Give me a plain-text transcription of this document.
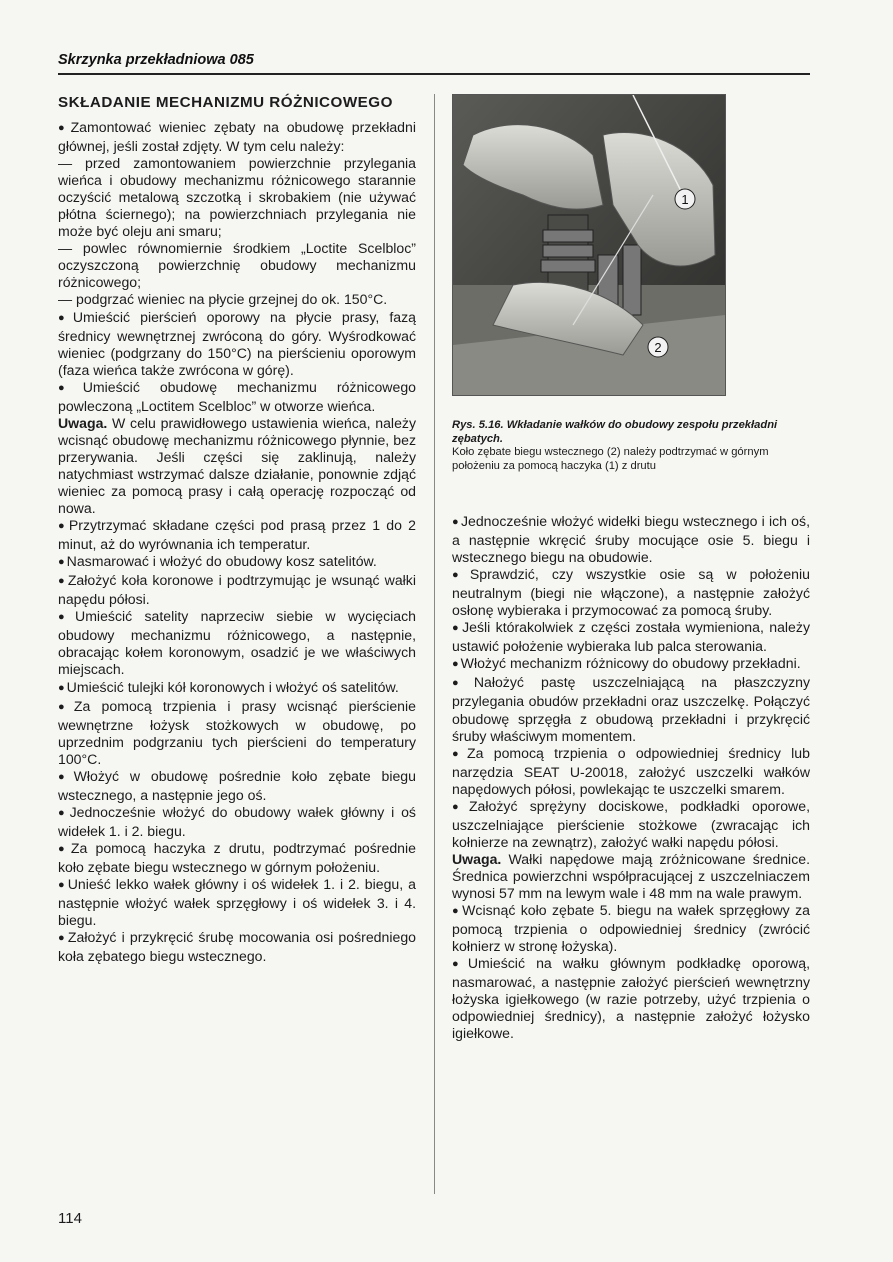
Skrzynka przekładniowa 085

SKŁADANIE MECHANIZMU RÓŻNICOWEGO

● Zamontować wieniec zębaty na obudowę przekładni głównej, jeśli został zdjęty. W tym celu należy:

— przed zamontowaniem powierzchnie przylegania wieńca i obudowy mechanizmu różnicowego starannie oczyścić metalową szczotką i skrobakiem (nie używać płótna ściernego); na powierzchniach przylegania nie może być oleju ani smaru;

— powlec równomiernie środkiem „Loctite Scelbloc” oczyszczoną powierzchnię obudowy mechanizmu różnicowego;

— podgrzać wieniec na płycie grzejnej do ok. 150°C.

● Umieścić pierścień oporowy na płycie prasy, fazą średnicy wewnętrznej zwróconą do góry. Wyśrodkować wieniec (podgrzany do 150°C) na pierścieniu oporowym (faza wieńca także zwrócona w górę).

● Umieścić obudowę mechanizmu różnicowego powleczoną „Loctitem Scelbloc” w otworze wieńca.

Uwaga. W celu prawidłowego ustawienia wieńca, należy wcisnąć obudowę mechanizmu różnicowego płynnie, bez przerywania. Jeśli części się zaklinują, należy natychmiast wstrzymać dalsze działanie, ponownie zdjąć wieniec za pomocą prasy i całą operację rozpocząć od nowa.

● Przytrzymać składane części pod prasą przez 1 do 2 minut, aż do wyrównania ich temperatur.

● Nasmarować i włożyć do obudowy kosz satelitów.

● Założyć koła koronowe i podtrzymując je wsunąć wałki napędu półosi.

● Umieścić satelity naprzeciw siebie w wycięciach obudowy mechanizmu różnicowego, a następnie, obracając kołem koronowym, osadzić je we właściwych miejscach.

● Umieścić tulejki kół koronowych i włożyć oś satelitów.

● Za pomocą trzpienia i prasy wcisnąć pierścienie wewnętrzne łożysk stożkowych w obudowę, po uprzednim podgrzaniu tych pierścieni do temperatury 100°C.

● Włożyć w obudowę pośrednie koło zębate biegu wstecznego, a następnie jego oś.

● Jednocześnie włożyć do obudowy wałek główny i oś widełek 1. i 2. biegu.

● Za pomocą haczyka z drutu, podtrzymać pośrednie koło zębate biegu wstecznego w górnym położeniu.

● Unieść lekko wałek główny i oś widełek 1. i 2. biegu, a następnie włożyć wałek sprzęgłowy i oś widełek 3. i 4. biegu.

● Założyć i przykręcić śrubę mocowania osi pośredniego koła zębatego biegu wstecznego.

1
2
Rys. 5.16. Wkładanie wałków do obudowy zespołu przekładni zębatych.
Koło zębate biegu wstecznego (2) należy podtrzymać w górnym położeniu za pomocą haczyka (1) z drutu

● Jednocześnie włożyć widełki biegu wstecznego i ich oś, a następnie wkręcić śruby mocujące osie 5. biegu i wstecznego biegu na obudowie.

● Sprawdzić, czy wszystkie osie są w położeniu neutralnym (biegi nie włączone), a następnie założyć osłonę wybieraka i przymocować za pomocą śruby.

● Jeśli którakolwiek z części została wymieniona, należy ustawić położenie wybieraka lub palca sterowania.

● Włożyć mechanizm różnicowy do obudowy przekładni.

● Nałożyć pastę uszczelniającą na płaszczyzny przylegania obudów przekładni oraz uszczelkę. Połączyć obudowę sprzęgła z obudową przekładni i przykręcić śruby właściwym momentem.

● Za pomocą trzpienia o odpowiedniej średnicy lub narzędzia SEAT U-20018, założyć uszczelki wałków napędowych półosi, powlekając te uszczelki smarem.

● Założyć sprężyny dociskowe, podkładki oporowe, uszczelniające pierścienie stożkowe (zwracając ich kołnierze na zewnątrz), założyć wałki napędu półosi.

Uwaga. Wałki napędowe mają zróżnicowane średnice. Średnica powierzchni współpracującej z uszczelniaczem wynosi 57 mm na lewym wale i 48 mm na wale prawym.

● Wcisnąć koło zębate 5. biegu na wałek sprzęgłowy za pomocą trzpienia o odpowiedniej średnicy (zwrócić kołnierz w stronę łożyska).

● Umieścić na wałku głównym podkładkę oporową, nasmarować, a następnie założyć pierścień wewnętrzny łożyska igiełkowego (w razie potrzeby, użyć trzpienia o odpowiedniej średnicy), a następnie założyć łożysko igiełkowe.

114
